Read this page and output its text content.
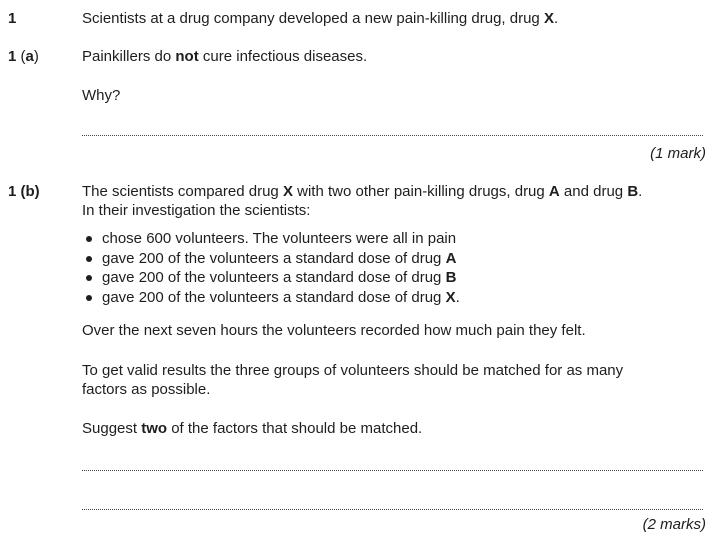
1	Scientists at a drug company developed a new pain-killing drug, drug X.
1 (a)	Painkillers do not cure infectious diseases.
Why?
(1 mark)
1 (b)	The scientists compared drug X with two other pain-killing drugs, drug A and drug B.
In their investigation the scientists:
chose 600 volunteers. The volunteers were all in pain
gave 200 of the volunteers a standard dose of drug A
gave 200 of the volunteers a standard dose of drug B
gave 200 of the volunteers a standard dose of drug X.
Over the next seven hours the volunteers recorded how much pain they felt.
To get valid results the three groups of volunteers should be matched for as many
factors as possible.
Suggest two of the factors that should be matched.
(2 marks)
